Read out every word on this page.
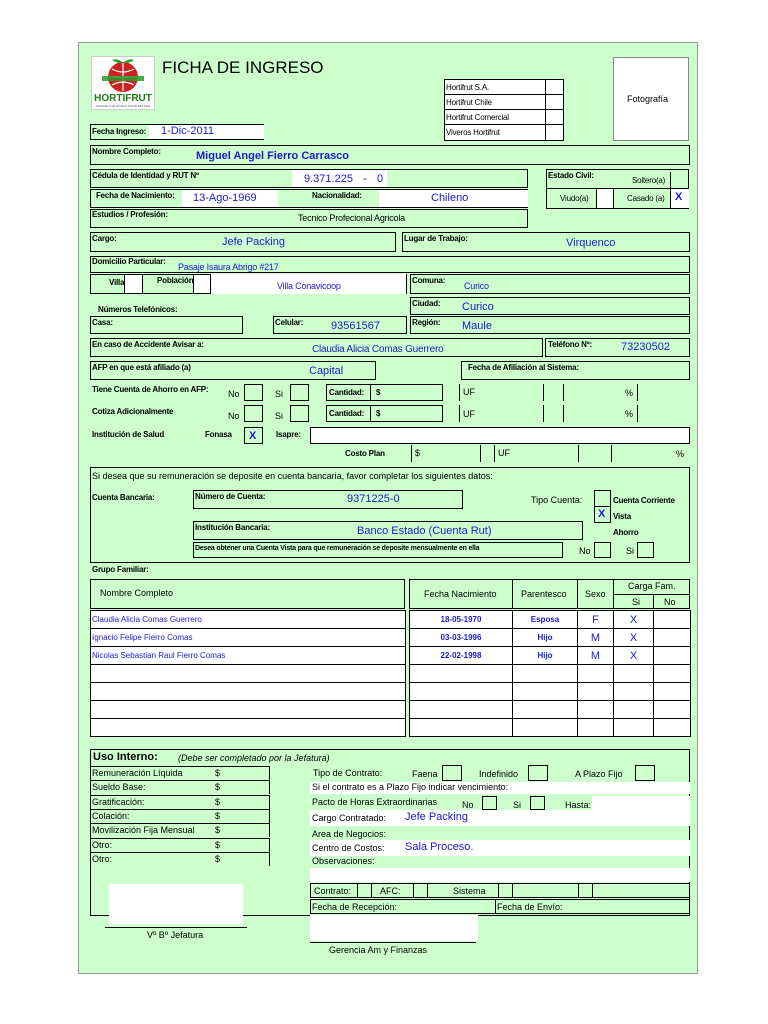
HORTIFRUT
MAKING THE WORLD TASTE BETTER
FICHA DE INGRESO
Hortifrut S.A.
Hortifrut Chile
Hortifrut Comercial
Viveros Hortifrut
Fotografía
Fecha Ingreso: 1-Dic-2011
Nombre Completo:	Miguel Angel Fierro Carrasco
Cédula de Identidad y RUT Nº	9.371.225 - 0	Estado Civil:
Soltero(a)
Viudo(a)	Casado (a) X
Fecha de Nacimiento: 13-Ago-1969	Nacionalidad:	Chileno
Estudios / Profesión:	Tecnico Profecional Agricola
Cargo:	Jefe Packing	Lugar de Trabajo:	Virquenco
Domicilio Particular:
Pasaje Isaura Abrigo #217
Villa	Población
Villa Conavicoop
Comuna:
Curico
Números Telefónicos:
Ciudad: Curico
Casa:	Celular:	93561567	Región: Maule
En caso de Accidente Avisar a:	Claudia Alicia Comas Guerrero	Teléfono Nº:	73230502
AFP en que está afiliado (a)	Capital	Fecha de Afiliación al Sistema:
Tiene Cuenta de Ahorro en AFP: No	Si	Cantidad: $	UF	%
Cotiza Adicionalmente	No	Si	Cantidad: $	UF	%
Institución de Salud	Fonasa X Isapre:
Costo Plan	$	UF	%
Si desea que su remuneración se deposite en cuenta bancaria, favor completar los siguientes datos:
Cuenta Bancaria:	Número de Cuenta:	9371225-0	Tipo Cuenta:	Cuenta Corriente
X Vista
Ahorro
Institución Bancaria:	Banco Estado (Cuenta Rut)
Desea obtener una Cuenta Vista para que remuneración se deposite mensualmente en ella	No	Si
Grupo Familiar:
Nombre Completo	Fecha Nacimiento	Parentesco Sexo
Carga Fam.
Si	No
Claudia Alicia Comas Guerrero		18-05-1970	Esposa	F	X	
Ignacio Felipe Fierro Comas		03-03-1996	Hijo	M	X	
Nicolas Sebastian Raul Fierro Comas		22-02-1998	Hijo	M	X	

Uso Interno: (Debe ser completado por la Jefatura)
Remuneración Líquida	$
Sueldo Base:	$
Gratificación:	$
Colación:	$
Movilización Fija Mensual $
Otro:	$
Otro:	$
Tipo de Contrato:	Faena	Indefinido	A Plazo Fijo
Si el contrato es a Plazo Fijo indicar vencimiento:
Pacto de Horas Extraordinarias	No	Si	Hasta:
Cargo Contratado: Jefe Packing
Area de Negocios:
Centro de Costos: Sala Proceso.
Observaciones:
Contrato:	AFC:	Sistema
Fecha de Recepción:	Fecha de Envío:
Vº Bº Jefatura
Gerencia Am y Finanzas
